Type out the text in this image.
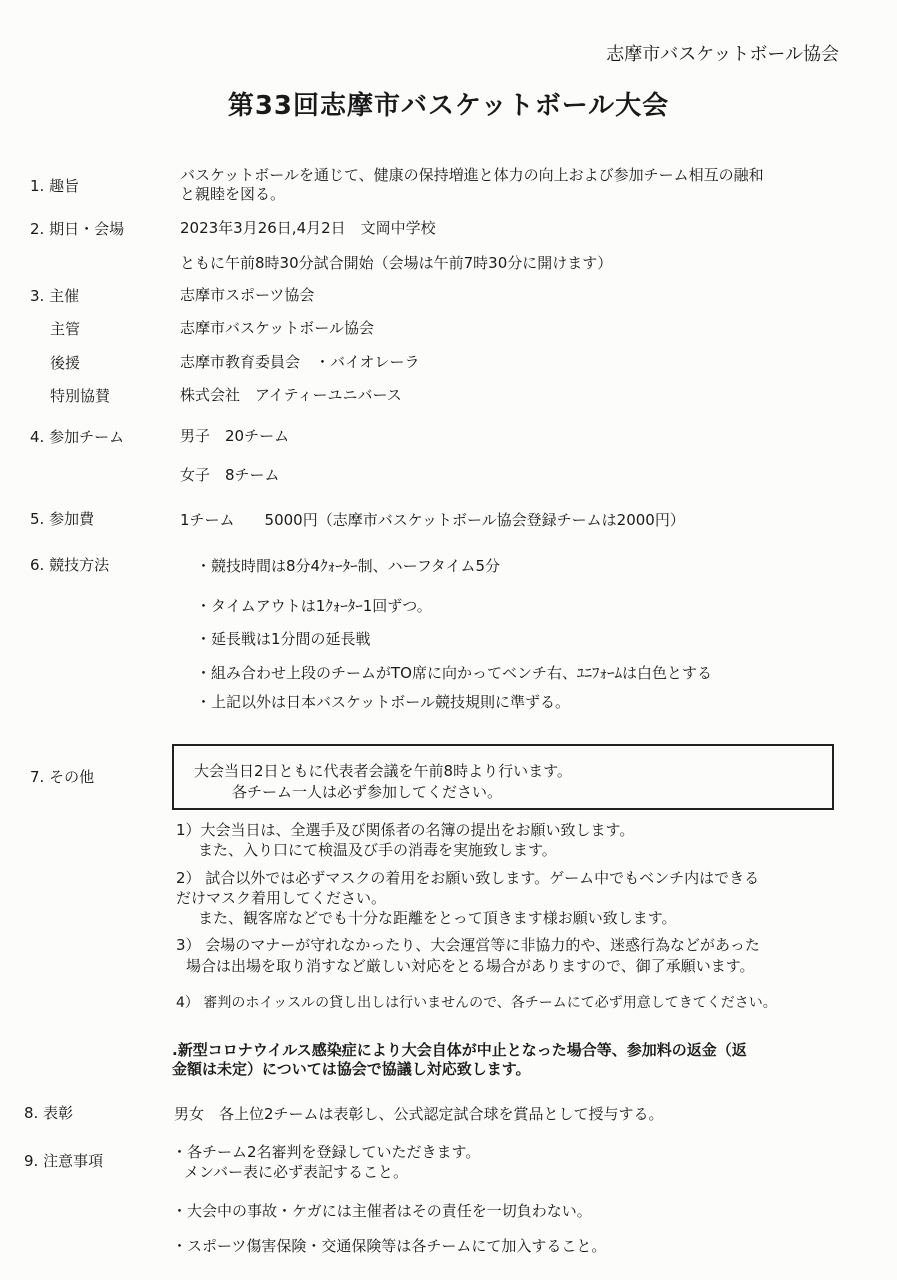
志摩市バスケットボール協会
第33回志摩市バスケットボール大会
1. 趣旨
バスケットボールを通じて、健康の保持増進と体力の向上および参加チーム相互の融和
と親睦を図る。
2. 期日・会場	2023年3月26日,4月2日　文岡中学校
ともに午前8時30分試合開始（会場は午前7時30分に開けます）
3. 主催	志摩市スポーツ協会
主管	志摩市バスケットボール協会
後援	志摩市教育委員会　・バイオレーラ
特別協賛	株式会社　アイティーユニバース
4. 参加チーム	男子　20チーム
女子　8チーム
5. 参加費	1チーム　　5000円（志摩市バスケットボール協会登録チームは2000円）
6. 競技方法	・競技時間は8分4ｸｫｰﾀｰ制、ハーフタイム5分
・タイムアウトは1ｸｫｰﾀｰ1回ずつ。
・延長戦は1分間の延長戦
・組み合わせ上段のチームがTO席に向かってベンチ右、ﾕﾆﾌｫｰﾑは白色とする
・上記以外は日本バスケットボール競技規則に準ずる。
7. その他	大会当日2日ともに代表者会議を午前8時より行います。
各チーム一人は必ず参加してください。
1）大会当日は、全選手及び関係者の名簿の提出をお願い致します。
また、入り口にて検温及び手の消毒を実施致します。
2） 試合以外では必ずマスクの着用をお願い致します。ゲーム中でもベンチ内はできる
だけマスク着用してください。
また、観客席などでも十分な距離をとって頂きます様お願い致します。
3） 会場のマナーが守れなかったり、大会運営等に非協力的や、迷惑行為などがあった
場合は出場を取り消すなど厳しい対応をとる場合がありますので、御了承願います。
4） 審判のホイッスルの貸し出しは行いませんので、各チームにて必ず用意してきてください。
.新型コロナウイルス感染症により大会自体が中止となった場合等、参加料の返金（返
金額は未定）については協会で協議し対応致します。
8. 表彰	男女　各上位2チームは表彰し、公式認定試合球を賞品として授与する。
9. 注意事項	・各チーム2名審判を登録していただきます。
メンバー表に必ず表記すること。
・大会中の事故・ケガには主催者はその責任を一切負わない。
・スポーツ傷害保険・交通保険等は各チームにて加入すること。
